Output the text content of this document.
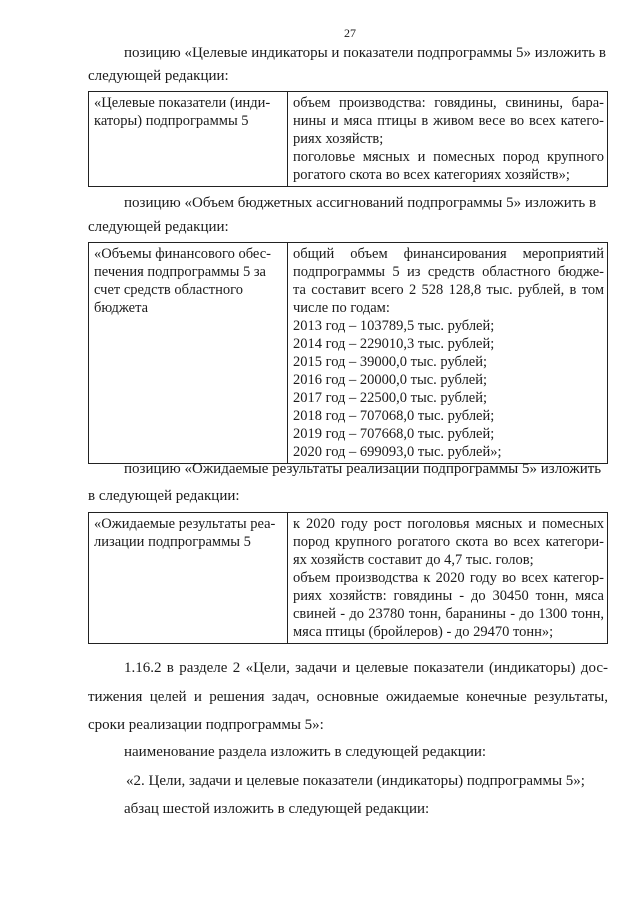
27
позицию «Целевые индикаторы и показатели подпрограммы 5» изложить в
следующей редакции:
«Целевые показатели (инди-
каторы) подпрограммы 5

объем производства: говядины, свинины, бара-
нины и мяса птицы в живом весе во всех катего-
риях хозяйств;
поголовье мясных и помесных пород крупного
рогатого скота во всех категориях хозяйств»;
позицию «Объем бюджетных ассигнований подпрограммы 5» изложить в
следующей редакции:
«Объемы финансового обес-
печения подпрограммы 5 за
счет средств областного
бюджета

общий объем финансирования мероприятий
подпрограммы 5 из средств областного бюдже-
та составит всего 2 528 128,8 тыс. рублей, в том
числе по годам:
2013 год – 103789,5 тыс. рублей;
2014 год – 229010,3 тыс. рублей;
2015 год – 39000,0 тыс. рублей;
2016 год – 20000,0 тыс. рублей;
2017 год – 22500,0 тыс. рублей;
2018 год – 707068,0 тыс. рублей;
2019 год – 707668,0 тыс. рублей;
2020 год – 699093,0 тыс. рублей»;
позицию «Ожидаемые результаты реализации подпрограммы 5» изложить
в следующей редакции:
«Ожидаемые результаты реа-
лизации подпрограммы 5

к 2020 году рост поголовья мясных и помесных
пород крупного рогатого скота во всех категори-
ях хозяйств составит до 4,7 тыс. голов;
объем производства к 2020 году во всех категор-
риях хозяйств: говядины - до 30450 тонн, мяса
свиней - до 23780 тонн, баранины - до 1300 тонн,
мяса птицы (бройлеров) - до 29470 тонн»;
1.16.2 в разделе 2 «Цели, задачи и целевые показатели (индикаторы) дос-
тижения целей и решения задач, основные ожидаемые конечные результаты,
сроки реализации подпрограммы 5»:
наименование раздела изложить в следующей редакции:
«2. Цели, задачи и целевые показатели (индикаторы) подпрограммы 5»;
абзац шестой изложить в следующей редакции:
